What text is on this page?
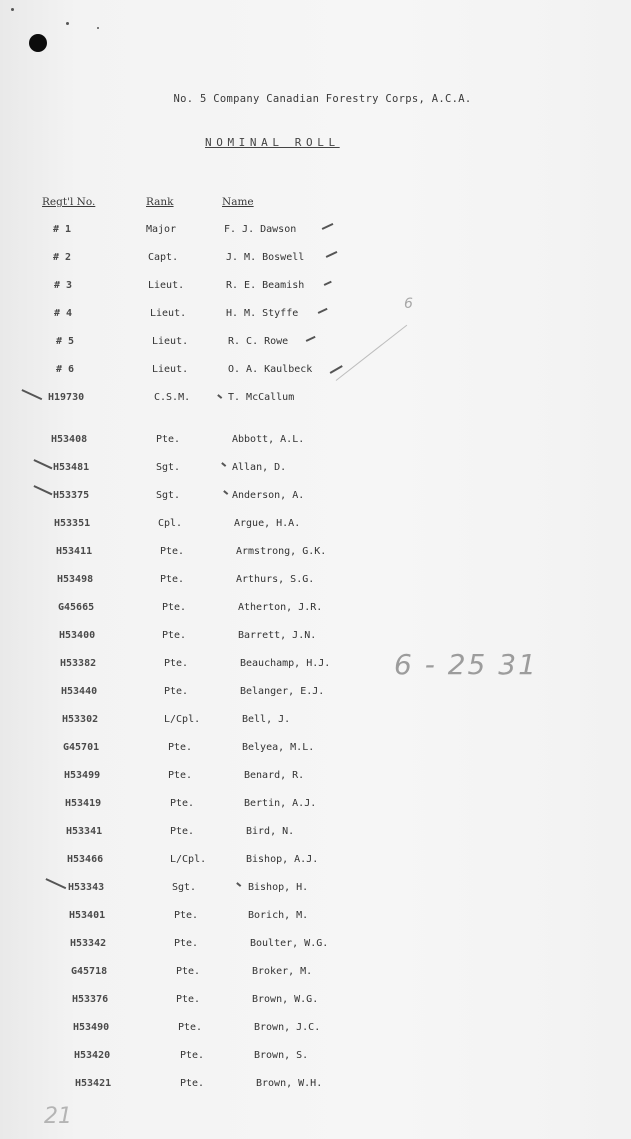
No. 5 Company Canadian Forestry Corps, A.C.A.
NOMINAL ROLL
Regt'l No.	Rank	Name
# 1	Major	F. J. Dawson
# 2	Capt.	J. M. Boswell
# 3	Lieut.	R. E. Beamish
# 4	Lieut.	H. M. Styffe
# 5	Lieut.	R. C. Rowe
# 6	Lieut.	O. A. Kaulbeck
H19730	C.S.M.	T. McCallum
H53408	Pte.	Abbott, A.L.
H53481	Sgt.	Allan, D.
H53375	Sgt.	Anderson, A.
H53351	Cpl.	Argue, H.A.
H53411	Pte.	Armstrong, G.K.
H53498	Pte.	Arthurs, S.G.
G45665	Pte.	Atherton, J.R.
H53400	Pte.	Barrett, J.N.
H53382	Pte.	Beauchamp, H.J.
H53440	Pte.	Belanger, E.J.
H53302	L/Cpl.	Bell, J.
G45701	Pte.	Belyea, M.L.
H53499	Pte.	Benard, R.
H53419	Pte.	Bertin, A.J.
H53341	Pte.	Bird, N.
H53466	L/Cpl.	Bishop, A.J.
H53343	Sgt.	Bishop, H.
H53401	Pte.	Borich, M.
H53342	Pte.	Boulter, W.G.
G45718	Pte.	Broker, M.
H53376	Pte.	Brown, W.G.
H53490	Pte.	Brown, J.C.
H53420	Pte.	Brown, S.
H53421	Pte.	Brown, W.H.
6
6 - 25 31
21
